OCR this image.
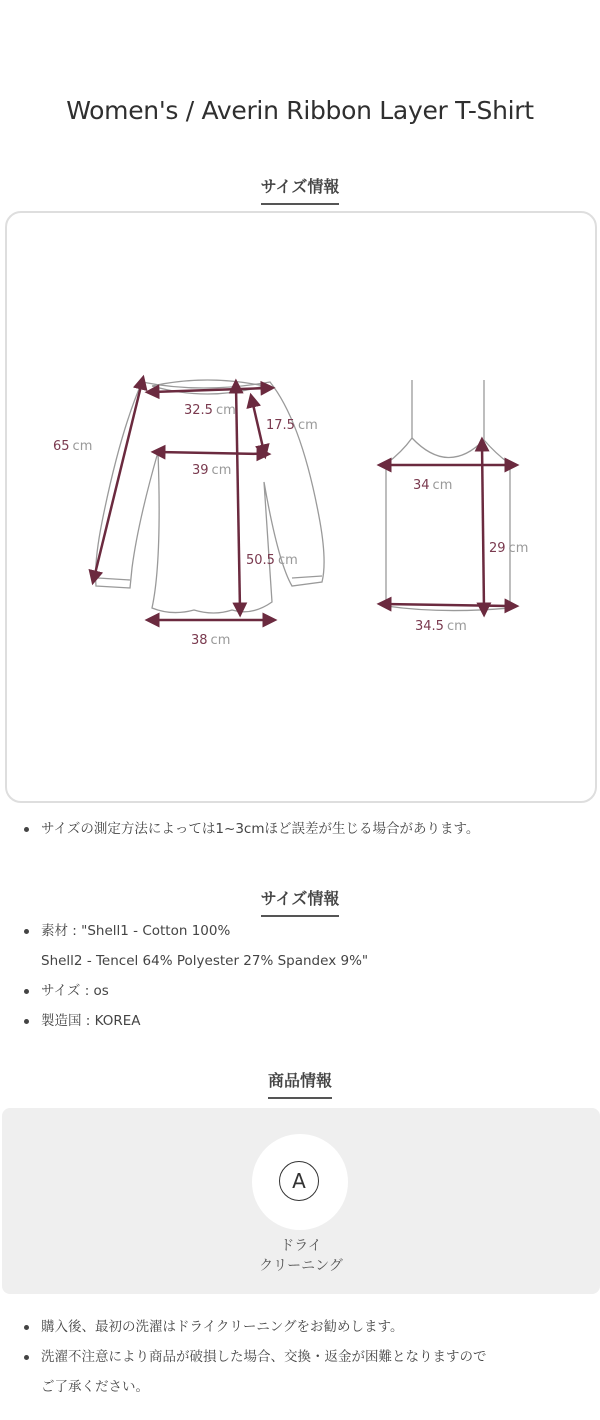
Women's / Averin Ribbon Layer T-Shirt
サイズ情報
65 cm
32.5 cm
17.5 cm
39 cm
50.5 cm
38 cm
34 cm
29 cm
34.5 cm
サイズの測定方法によっては1~3cmほど誤差が生じる場合があります。
サイズ情報
素材 : "Shell1 - Cotton 100%
Shell2 - Tencel 64% Polyester 27% Spandex 9%"
サイズ : os
製造国 : KOREA
商品情報
A
ドライ
クリーニング
購入後、最初の洗濯はドライクリーニングをお勧めします。
洗濯不注意により商品が破損した場合、交換・返金が困難となりますので
ご了承ください。
